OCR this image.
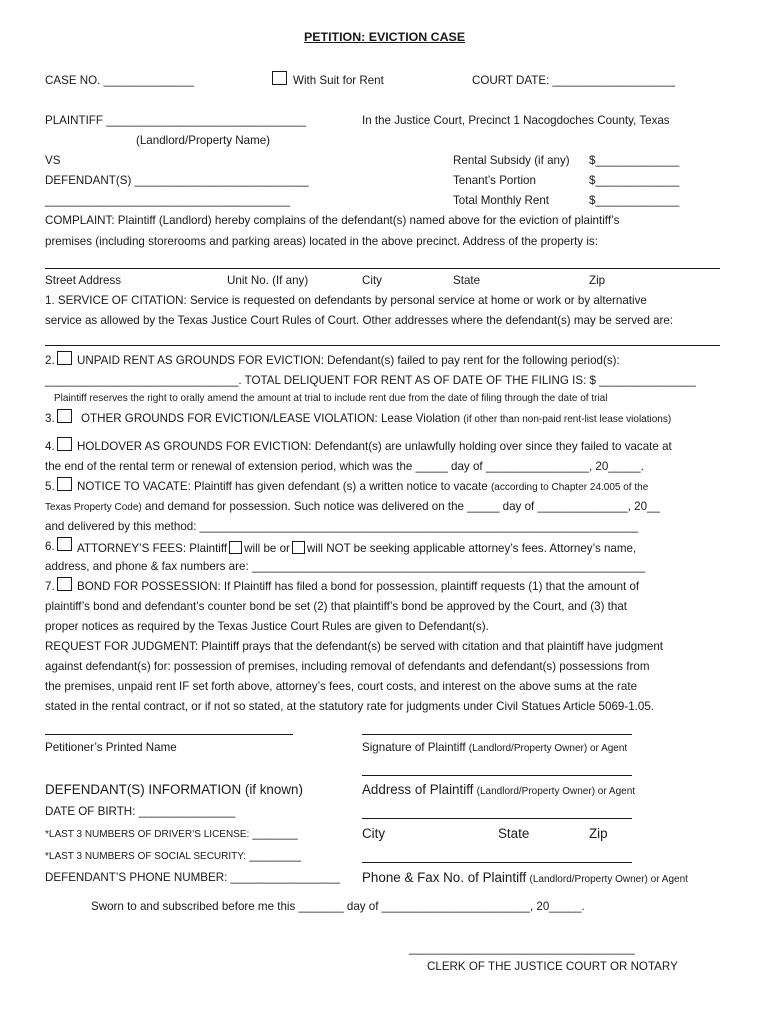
PETITION: EVICTION CASE
CASE NO. ______________	With Suit for Rent	COURT DATE: ___________________
PLAINTIFF _______________________________	In the Justice Court, Precinct 1 Nacogdoches County, Texas
(Landlord/Property Name)
VS	Rental Subsidy (if any) $_____________
DEFENDANT(S) ___________________________	Tenant’s Portion	$_____________
______________________________________	Total Monthly Rent	$_____________
COMPLAINT: Plaintiff (Landlord) hereby complains of the defendant(s) named above for the eviction of plaintiff’s
premises (including storerooms and parking areas) located in the above precinct. Address of the property is:
Street Address	Unit No. (If any)	City	State	Zip
1. SERVICE OF CITATION: Service is requested on defendants by personal service at home or work or by alternative
service as allowed by the Texas Justice Court Rules of Court. Other addresses where the defendant(s) may be served are:
2. UNPAID RENT AS GROUNDS FOR EVICTION: Defendant(s) failed to pay rent for the following period(s):
______________________________. TOTAL DELIQUENT FOR RENT AS OF DATE OF THE FILING IS: $ _______________
Plaintiff reserves the right to orally amend the amount at trial to include rent due from the date of filing through the date of trial
3. OTHER GROUNDS FOR EVICTION/LEASE VIOLATION: Lease Violation (if other than non-paid rent-list lease violations)
4. HOLDOVER AS GROUNDS FOR EVICTION: Defendant(s) are unlawfully holding over since they failed to vacate at
the end of the rental term or renewal of extension period, which was the _____ day of ________________, 20_____.
5. NOTICE TO VACATE: Plaintiff has given defendant (s) a written notice to vacate (according to Chapter 24.005 of the
Texas Property Code) and demand for possession. Such notice was delivered on the _____ day of ______________, 20__
and delivered by this method: ____________________________________________________________________
6. ATTORNEY’S FEES: Plaintiff will be or will NOT be seeking applicable attorney’s fees. Attorney’s name,
address, and phone & fax numbers are: _____________________________________________________________
7. BOND FOR POSSESSION: If Plaintiff has filed a bond for possession, plaintiff requests (1) that the amount of
plaintiff’s bond and defendant’s counter bond be set (2) that plaintiff’s bond be approved by the Court, and (3) that
proper notices as required by the Texas Justice Court Rules are given to Defendant(s).
REQUEST FOR JUDGMENT: Plaintiff prays that the defendant(s) be served with citation and that plaintiff have judgment
against defendant(s) for: possession of premises, including removal of defendants and defendant(s) possessions from
the premises, unpaid rent IF set forth above, attorney’s fees, court costs, and interest on the above sums at the rate
stated in the rental contract, or if not so stated, at the statutory rate for judgments under Civil Statues Article 5069-1.05.
Petitioner’s Printed Name	Signature of Plaintiff (Landlord/Property Owner) or Agent
DEFENDANT(S) INFORMATION (if known)	Address of Plaintiff (Landlord/Property Owner) or Agent
DATE OF BIRTH: _______________
*LAST 3 NUMBERS OF DRIVER’S LICENSE: _______	City	State	Zip
*LAST 3 NUMBERS OF SOCIAL SECURITY: ________
DEFENDANT’S PHONE NUMBER: _________________ Phone & Fax No. of Plaintiff (Landlord/Property Owner) or Agent
Sworn to and subscribed before me this _______ day of _______________________, 20_____.
___________________________________
CLERK OF THE JUSTICE COURT OR NOTARY
